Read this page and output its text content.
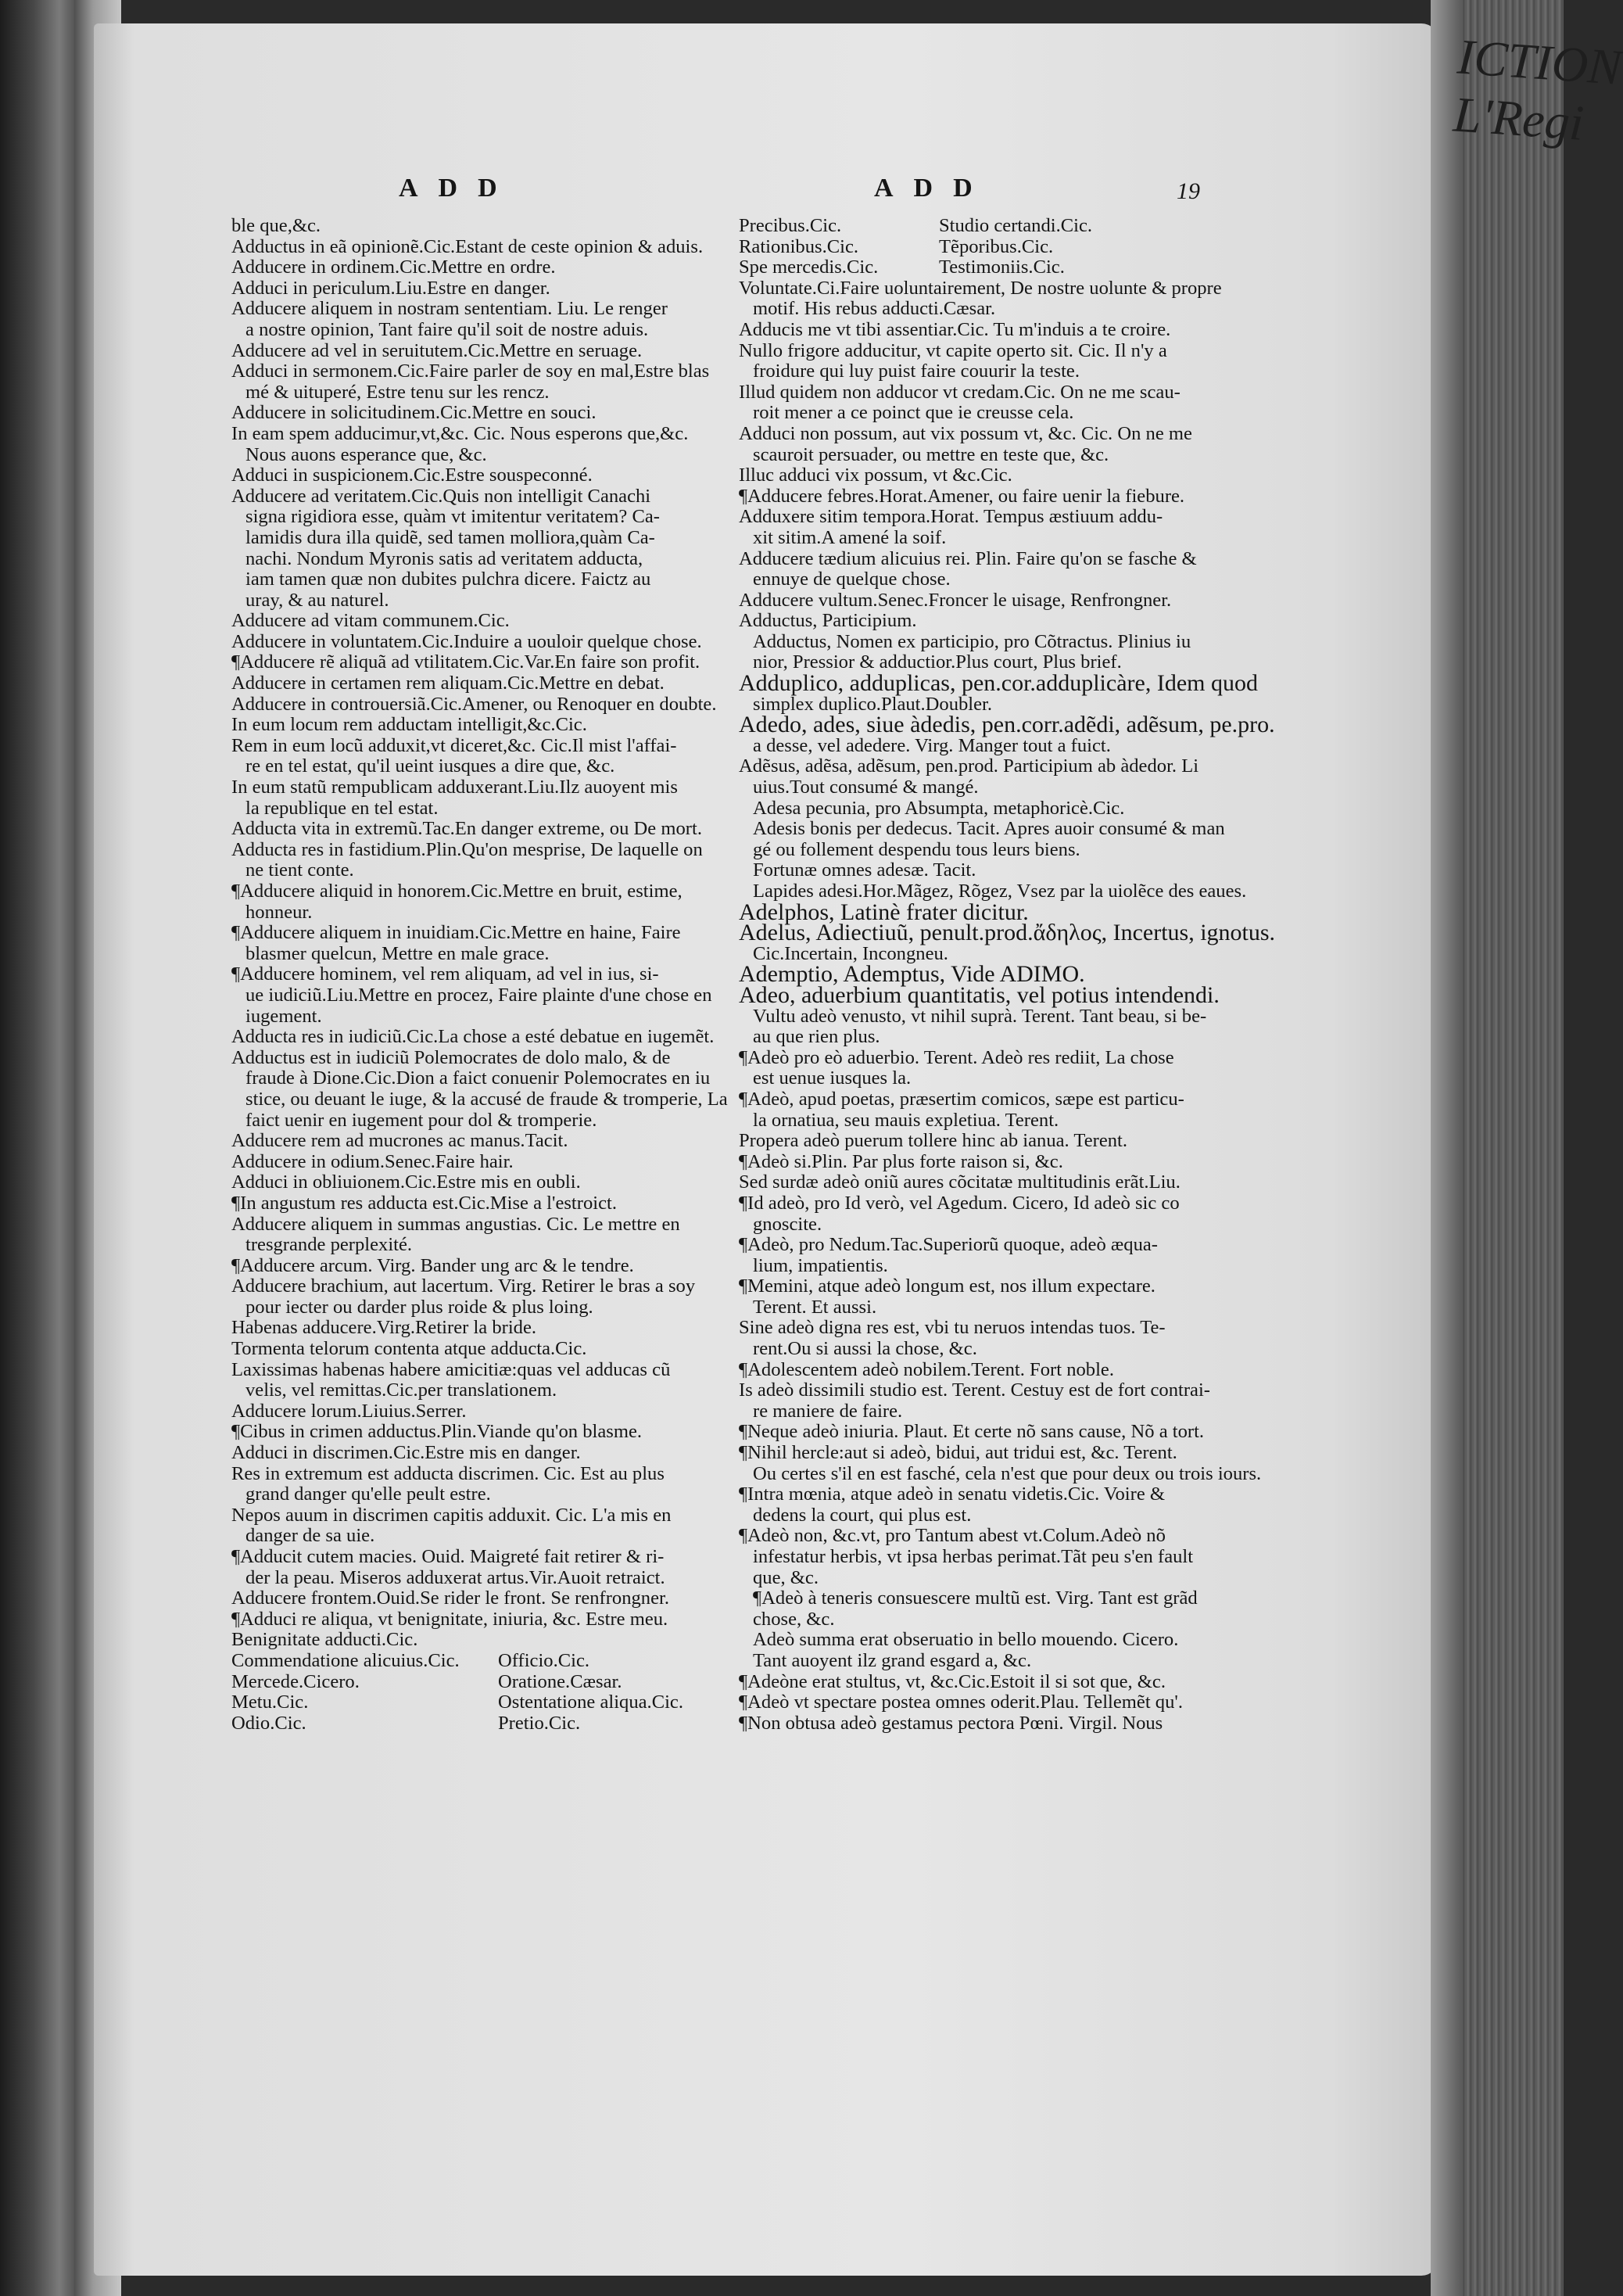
ICTION
L'Regi
ADD	ADD	19
ble que,&c.
Adductus in eã opinionẽ.Cic.Estant de ceste opinion & aduis.
Adducere in ordinem.Cic.Mettre en ordre.
Adduci in periculum.Liu.Estre en danger.
Adducere aliquem in nostram sententiam. Liu. Le renger
a nostre opinion, Tant faire qu'il soit de nostre aduis.
Adducere ad vel in seruitutem.Cic.Mettre en seruage.
Adduci in sermonem.Cic.Faire parler de soy en mal,Estre blas
mé & uituperé, Estre tenu sur les rencz.
Adducere in solicitudinem.Cic.Mettre en souci.
In eam spem adducimur,vt,&c. Cic. Nous esperons que,&c.
Nous auons esperance que, &c.
Adduci in suspicionem.Cic.Estre souspeconné.
Adducere ad veritatem.Cic.Quis non intelligit Canachi
signa rigidiora esse, quàm vt imitentur veritatem? Ca-
lamidis dura illa quidẽ, sed tamen molliora,quàm Ca-
nachi. Nondum Myronis satis ad veritatem adducta,
iam tamen quæ non dubites pulchra dicere. Faictz au
uray, & au naturel.
Adducere ad vitam communem.Cic.
Adducere in voluntatem.Cic.Induire a uouloir quelque chose.
¶Adducere rẽ aliquã ad vtilitatem.Cic.Var.En faire son profit.
Adducere in certamen rem aliquam.Cic.Mettre en debat.
Adducere in controuersiã.Cic.Amener, ou Renoquer en doubte.
In eum locum rem adductam intelligit,&c.Cic.
Rem in eum locũ adduxit,vt diceret,&c. Cic.Il mist l'affai-
re en tel estat, qu'il ueint iusques a dire que, &c.
In eum statũ rempublicam adduxerant.Liu.Ilz auoyent mis
la republique en tel estat.
Adducta vita in extremũ.Tac.En danger extreme, ou De mort.
Adducta res in fastidium.Plin.Qu'on mesprise, De laquelle on
ne tient conte.
¶Adducere aliquid in honorem.Cic.Mettre en bruit, estime,
honneur.
¶Adducere aliquem in inuidiam.Cic.Mettre en haine, Faire
blasmer quelcun, Mettre en male grace.
¶Adducere hominem, vel rem aliquam, ad vel in ius, si-
ue iudiciũ.Liu.Mettre en procez, Faire plainte d'une chose en
iugement.
Adducta res in iudiciũ.Cic.La chose a esté debatue en iugemẽt.
Adductus est in iudiciũ Polemocrates de dolo malo, & de
fraude à Dione.Cic.Dion a faict conuenir Polemocrates en iu
stice, ou deuant le iuge, & la accusé de fraude & tromperie, La
faict uenir en iugement pour dol & tromperie.
Adducere rem ad mucrones ac manus.Tacit.
Adducere in odium.Senec.Faire hair.
Adduci in obliuionem.Cic.Estre mis en oubli.
¶In angustum res adducta est.Cic.Mise a l'estroict.
Adducere aliquem in summas angustias. Cic. Le mettre en
tresgrande perplexité.
¶Adducere arcum. Virg. Bander ung arc & le tendre.
Adducere brachium, aut lacertum. Virg. Retirer le bras a soy
pour iecter ou darder plus roide & plus loing.
Habenas adducere.Virg.Retirer la bride.
Tormenta telorum contenta atque adducta.Cic.
Laxissimas habenas habere amicitiæ:quas vel adducas cũ
velis, vel remittas.Cic.per translationem.
Adducere lorum.Liuius.Serrer.
¶Cibus in crimen adductus.Plin.Viande qu'on blasme.
Adduci in discrimen.Cic.Estre mis en danger.
Res in extremum est adducta discrimen. Cic. Est au plus
grand danger qu'elle peult estre.
Nepos auum in discrimen capitis adduxit. Cic. L'a mis en
danger de sa uie.
¶Adducit cutem macies. Ouid. Maigreté fait retirer & ri-
der la peau. Miseros adduxerat artus.Vir.Auoit retraict.
Adducere frontem.Ouid.Se rider le front. Se renfrongner.
¶Adduci re aliqua, vt benignitate, iniuria, &c. Estre meu.
Benignitate adducti.Cic.
Commendatione alicuius.Cic.	Officio.Cic.
Mercede.Cicero.	Oratione.Cæsar.
Metu.Cic.	Ostentatione aliqua.Cic.
Odio.Cic.	Pretio.Cic.
Precibus.Cic.	Studio certandi.Cic.
Rationibus.Cic.	Tẽporibus.Cic.
Spe mercedis.Cic.	Testimoniis.Cic.
Voluntate.Ci.Faire uoluntairement, De nostre uolunte & propre
motif. His rebus adducti.Cæsar.
Adducis me vt tibi assentiar.Cic. Tu m'induis a te croire.
Nullo frigore adducitur, vt capite operto sit. Cic. Il n'y a
froidure qui luy puist faire couurir la teste.
Illud quidem non adducor vt credam.Cic. On ne me scau-
roit mener a ce poinct que ie creusse cela.
Adduci non possum, aut vix possum vt, &c. Cic. On ne me
scauroit persuader, ou mettre en teste que, &c.
Illuc adduci vix possum, vt &c.Cic.
¶Adducere febres.Horat.Amener, ou faire uenir la fiebure.
Adduxere sitim tempora.Horat. Tempus æstiuum addu-
xit sitim.A amené la soif.
Adducere tædium alicuius rei. Plin. Faire qu'on se fasche &
ennuye de quelque chose.
Adducere vultum.Senec.Froncer le uisage, Renfrongner.
Adductus, Participium.
Adductus, Nomen ex participio, pro Cõtractus. Plinius iu
nior, Pressior & adductior.Plus court, Plus brief.
Adduplico, adduplicas, pen.cor.adduplicàre, Idem quod
simplex duplico.Plaut.Doubler.
Adedo, ades, siue àdedis, pen.corr.adẽdi, adẽsum, pe.pro.
a desse, vel adedere. Virg. Manger tout a fuict.
Adẽsus, adẽsa, adẽsum, pen.prod. Participium ab àdedor. Li
uius.Tout consumé & mangé.
Adesa pecunia, pro Absumpta, metaphoricè.Cic.
Adesis bonis per dedecus. Tacit. Apres auoir consumé & man
gé ou follement despendu tous leurs biens.
Fortunæ omnes adesæ. Tacit.
Lapides adesi.Hor.Mãgez, Rõgez, Vsez par la uiolẽce des eaues.
Adelphos, Latinè frater dicitur.
Adelus, Adiectiuũ, penult.prod.ἄδηλος, Incertus, ignotus.
Cic.Incertain, Incongneu.
Ademptio, Ademptus, Vide ADIMO.
Adeo, aduerbium quantitatis, vel potius intendendi.
Vultu adeò venusto, vt nihil suprà. Terent. Tant beau, si be-
au que rien plus.
¶Adeò pro eò aduerbio. Terent. Adeò res rediit, La chose
est uenue iusques la.
¶Adeò, apud poetas, præsertim comicos, sæpe est particu-
la ornatiua, seu mauis expletiua. Terent.
Propera adeò puerum tollere hinc ab ianua. Terent.
¶Adeò si.Plin. Par plus forte raison si, &c.
Sed surdæ adeò oniũ aures cõcitatæ multitudinis erãt.Liu.
¶Id adeò, pro Id verò, vel Agedum. Cicero, Id adeò sic co
gnoscite.
¶Adeò, pro Nedum.Tac.Superiorũ quoque, adeò æqua-
lium, impatientis.
¶Memini, atque adeò longum est, nos illum expectare.
Terent. Et aussi.
Sine adeò digna res est, vbi tu neruos intendas tuos. Te-
rent.Ou si aussi la chose, &c.
¶Adolescentem adeò nobilem.Terent. Fort noble.
Is adeò dissimili studio est. Terent. Cestuy est de fort contrai-
re maniere de faire.
¶Neque adeò iniuria. Plaut. Et certe nõ sans cause, Nõ a tort.
¶Nihil hercle:aut si adeò, bidui, aut tridui est, &c. Terent.
Ou certes s'il en est fasché, cela n'est que pour deux ou trois iours.
¶Intra mœnia, atque adeò in senatu videtis.Cic. Voire &
dedens la court, qui plus est.
¶Adeò non, &c.vt, pro Tantum abest vt.Colum.Adeò nõ
infestatur herbis, vt ipsa herbas perimat.Tãt peu s'en fault
que, &c.
¶Adeò à teneris consuescere multũ est. Virg. Tant est grãd
chose, &c.
Adeò summa erat obseruatio in bello mouendo. Cicero.
Tant auoyent ilz grand esgard a, &c.
¶Adeòne erat stultus, vt, &c.Cic.Estoit il si sot que, &c.
¶Adeò vt spectare postea omnes oderit.Plau. Tellemẽt qu'.
¶Non obtusa adeò gestamus pectora Pœni. Virgil. Nous
